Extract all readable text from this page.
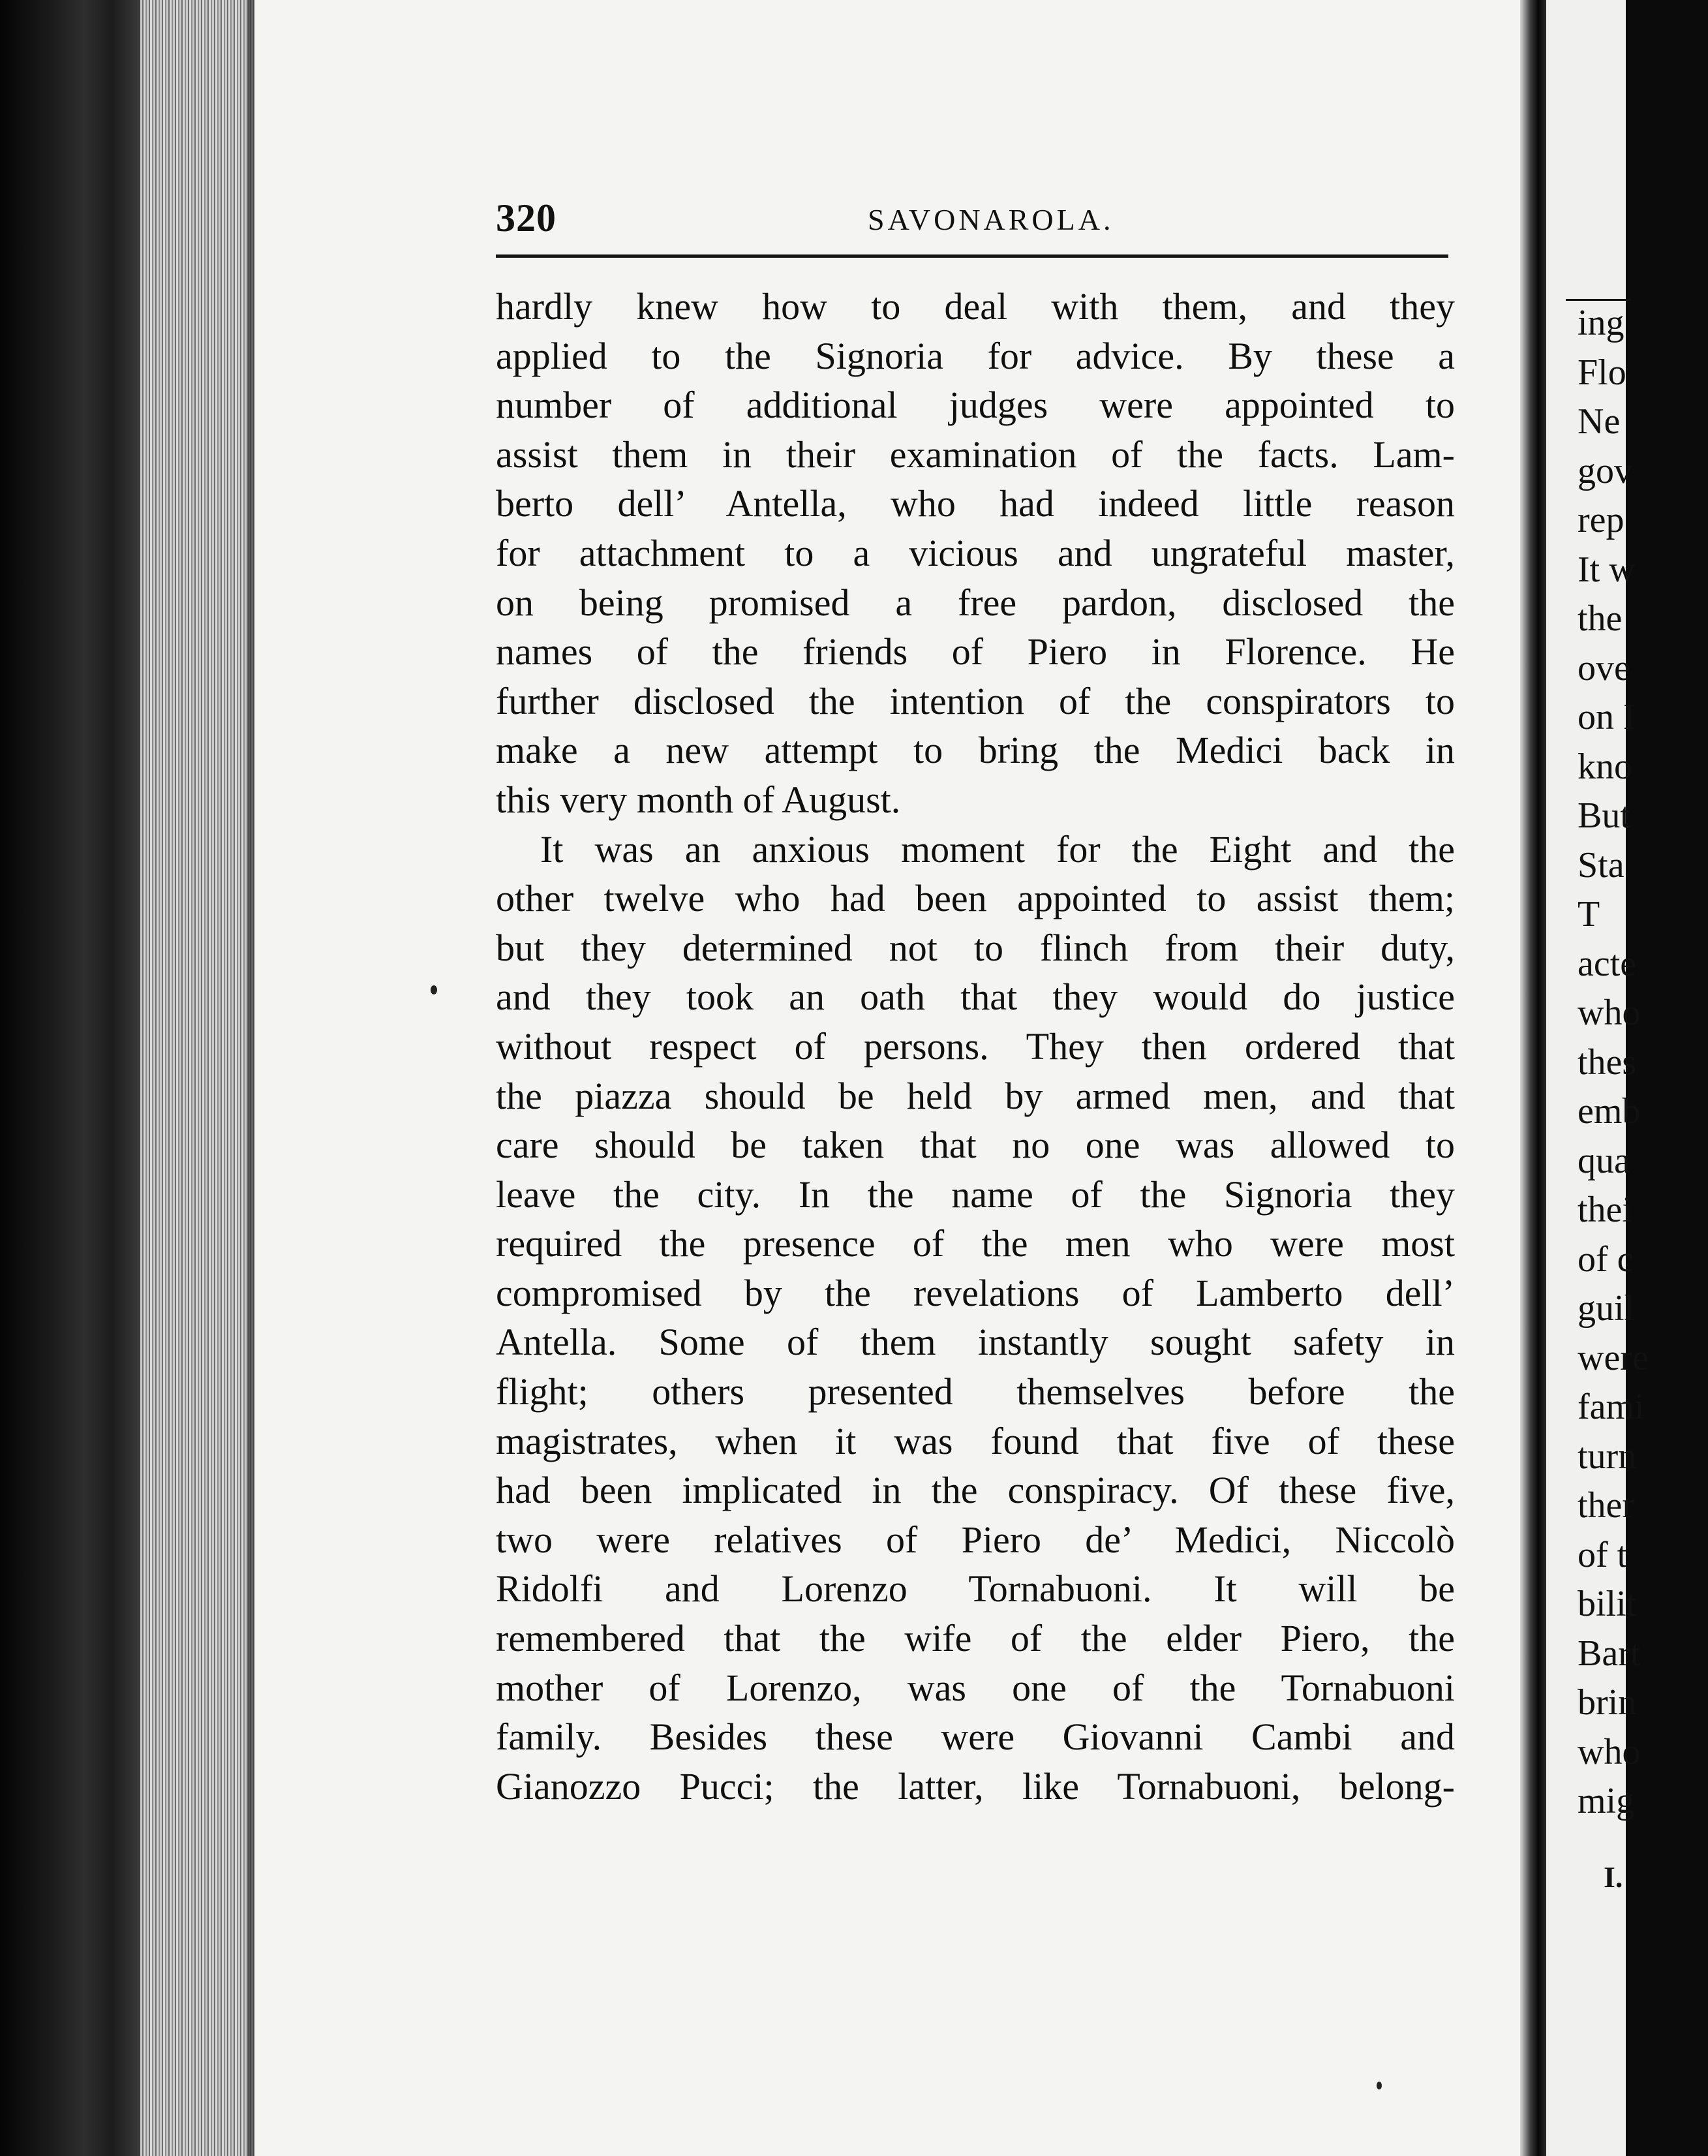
320	SAVONAROLA.
hardly knew how to deal with them, and they
applied to the Signoria for advice. By these a
number of additional judges were appointed to
assist them in their examination of the facts. Lam-
berto dell’ Antella, who had indeed little reason
for attachment to a vicious and ungrateful master,
on being promised a free pardon, disclosed the
names of the friends of Piero in Florence. He
further disclosed the intention of the conspirators to
make a new attempt to bring the Medici back in
this very month of August.
It was an anxious moment for the Eight and the
other twelve who had been appointed to assist them;
but they determined not to flinch from their duty,
and they took an oath that they would do justice
without respect of persons. They then ordered that
the piazza should be held by armed men, and that
care should be taken that no one was allowed to
leave the city. In the name of the Signoria they
required the presence of the men who were most
compromised by the revelations of Lamberto dell’
Antella. Some of them instantly sought safety in
flight; others presented themselves before the
magistrates, when it was found that five of these
had been implicated in the conspiracy. Of these five,
two were relatives of Piero de’ Medici, Niccolò
Ridolfi and Lorenzo Tornabuoni. It will be
remembered that the wife of the elder Piero, the
mother of Lorenzo, was one of the Tornabuoni
family. Besides these were Giovanni Cambi and
Gianozzo Pucci; the latter, like Tornabuoni, belong-
ing
Flo
Ne
gov
rep
It w
the
ove
on I
kno
But
Sta
T
acte
who
thes
emb
qua
thei
of c
guil
were
fami
turn
ther
of t
bilit
Bart
brin
who
mig
I.
